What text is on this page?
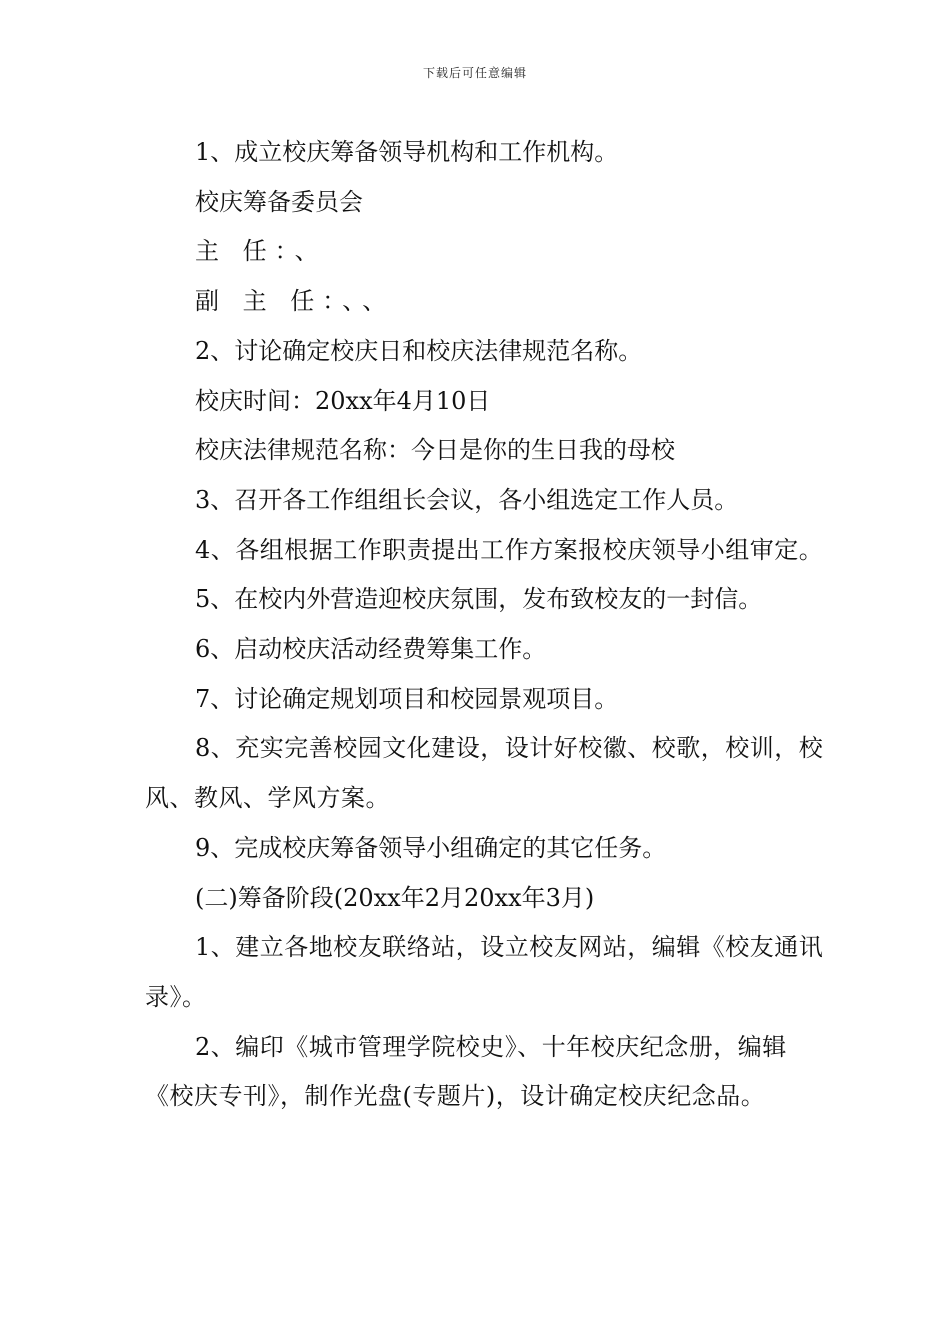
下载后可任意编辑

1、成立校庆筹备领导机构和工作机构。

校庆筹备委员会

主 任：、

副 主 任：、、

2、讨论确定校庆日和校庆法律规范名称。

校庆时间：20xx年4月10日

校庆法律规范名称：今日是你的生日我的母校

3、召开各工作组组长会议，各小组选定工作人员。

4、各组根据工作职责提出工作方案报校庆领导小组审定。

5、在校内外营造迎校庆氛围，发布致校友的一封信。

6、启动校庆活动经费筹集工作。

7、讨论确定规划项目和校园景观项目。

8、充实完善校园文化建设，设计好校徽、校歌，校训，校风、教风、学风方案。

9、完成校庆筹备领导小组确定的其它任务。

(二)筹备阶段(20xx年2月20xx年3月)

1、建立各地校友联络站，设立校友网站，编辑《校友通讯录》。

2、编印《城市管理学院校史》、十年校庆纪念册，编辑《校庆专刊》，制作光盘(专题片)，设计确定校庆纪念品。
